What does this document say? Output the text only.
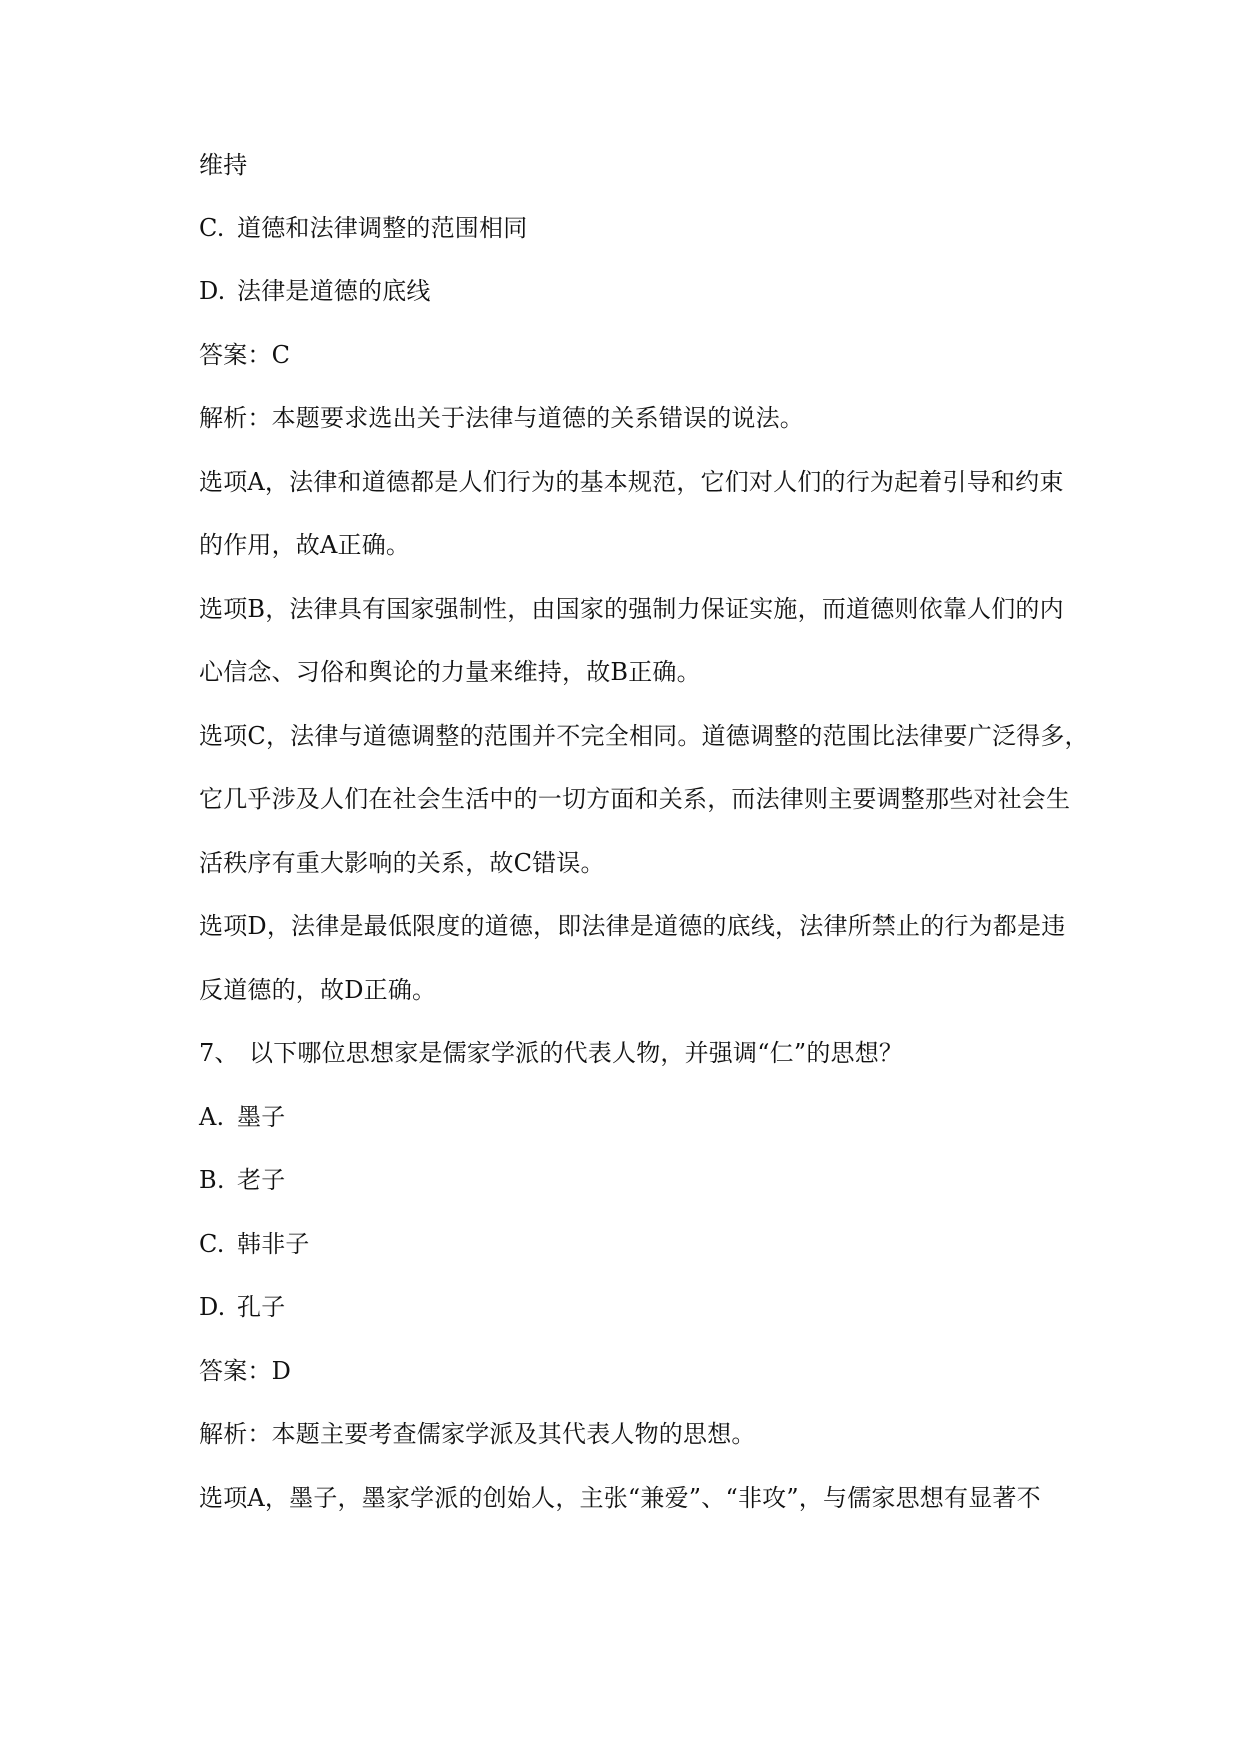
维持
C. 道德和法律调整的范围相同
D. 法律是道德的底线
答案：C
解析：本题要求选出关于法律与道德的关系错误的说法。
选项A，法律和道德都是人们行为的基本规范，它们对人们的行为起着引导和约束
的作用，故A正确。
选项B，法律具有国家强制性，由国家的强制力保证实施，而道德则依靠人们的内
心信念、习俗和舆论的力量来维持，故B正确。
选项C，法律与道德调整的范围并不完全相同。道德调整的范围比法律要广泛得多，
它几乎涉及人们在社会生活中的一切方面和关系，而法律则主要调整那些对社会生
活秩序有重大影响的关系，故C错误。
选项D，法律是最低限度的道德，即法律是道德的底线，法律所禁止的行为都是违
反道德的，故D正确。
7、 以下哪位思想家是儒家学派的代表人物，并强调“仁”的思想？
A. 墨子
B. 老子
C. 韩非子
D. 孔子
答案：D
解析：本题主要考查儒家学派及其代表人物的思想。
选项A，墨子，墨家学派的创始人，主张“兼爱”、“非攻”，与儒家思想有显著不
